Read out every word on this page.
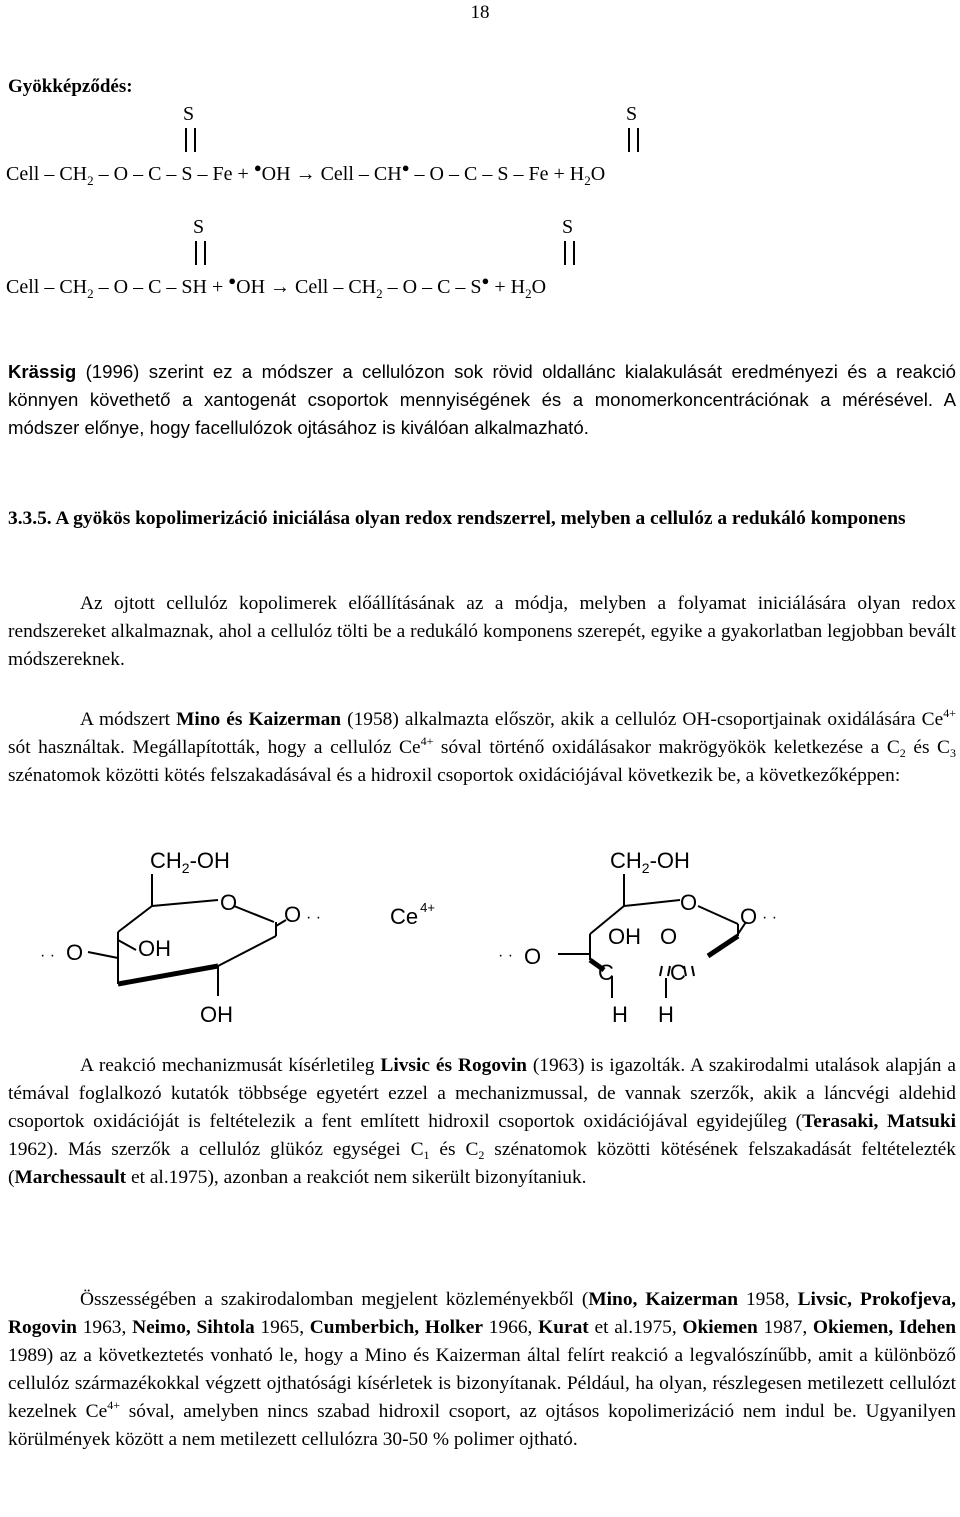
18
Gyökképződés:
S	S
Cell – $CH_2 - O - C - S - Fe + ^●OH$ → Cell – $CH^● - O - C - S - Fe + H_2O$
S	S
Cell – $CH_2$ – O – C – SH + ●OH → Cell – $CH_2 - O - C - S^● + H_2O$
Krässig (1996) szerint ez a módszer a cellulózon sok rövid oldallánc kialakulását eredményezi és a reakció könnyen követhető a xantogenát csoportok mennyiségének és a monomerkoncentrációnak a mérésével. A módszer előnye, hogy facellulózok ojtásához is kiválóan alkalmazható.
3.3.5. A gyökös kopolimerizáció iniciálása olyan redox rendszerrel, melyben a cellulóz a redukáló komponens
Az ojtott cellulóz kopolimerek előállításának az a módja, melyben a folyamat iniciálására olyan redox rendszereket alkalmaznak, ahol a cellulóz tölti be a redukáló komponens szerepét, egyike a gyakorlatban legjobban bevált módszereknek.
A módszert Mino és Kaizerman (1958) alkalmazta először, akik a cellulóz OH-csoportjainak oxidálására $Ce^{4+}$ sót használtak. Megállapították, hogy a cellulóz $Ce^{4+}$ sóval történő oxidálásakor makrögyökök keletkezése a $C_2$ és $C_3$ szénatomok közötti kötés felszakadásával és a hidroxil csoportok oxidációjával következik be, a következőképpen:
$CH_2-OH$
O O · ·
· · O OH
OH
Ce $^{4+}$
$CH_2-OH$
O
O · ·
· · O
OH O
C	C
H H
A reakció mechanizmusát kísérletileg Livsic és Rogovin (1963) is igazolták. A szakirodalmi utalások alapján a témával foglalkozó kutatók többsége egyetért ezzel a mechanizmussal, de vannak szerzők, akik a láncvégi aldehid csoportok oxidációját is feltételezik a fent említett hidroxil csoportok oxidációjával egyidejűleg (Terasaki, Matsuki 1962). Más szerzők a cellulóz glükóz egységei $C_1$ és $C_2$ szénatomok közötti kötésének felszakadását feltételezték (Marchessault et al.1975), azonban a reakciót nem sikerült bizonyítaniuk.
Összességében a szakirodalomban megjelent közleményekből (Mino, Kaizerman 1958, Livsic, Prokofjeva, Rogovin 1963, Neimo, Sihtola 1965, Cumberbich, Holker 1966, Kurat et al.1975, Okiemen 1987, Okiemen, Idehen 1989) az a következtetés vonható le, hogy a Mino és Kaizerman által felírt reakció a legvalószínűbb, amit a különböző cellulóz származékokkal végzett ojthatósági kísérletek is bizonyítanak. Például, ha olyan, részlegesen metilezett cellulózt kezelnek $Ce^{4+}$ sóval, amelyben nincs szabad hidroxil csoport, az ojtásos kopolimerizáció nem indul be. Ugyanilyen körülmények között a nem metilezett cellulózra 30-50 % polimer ojtható.
